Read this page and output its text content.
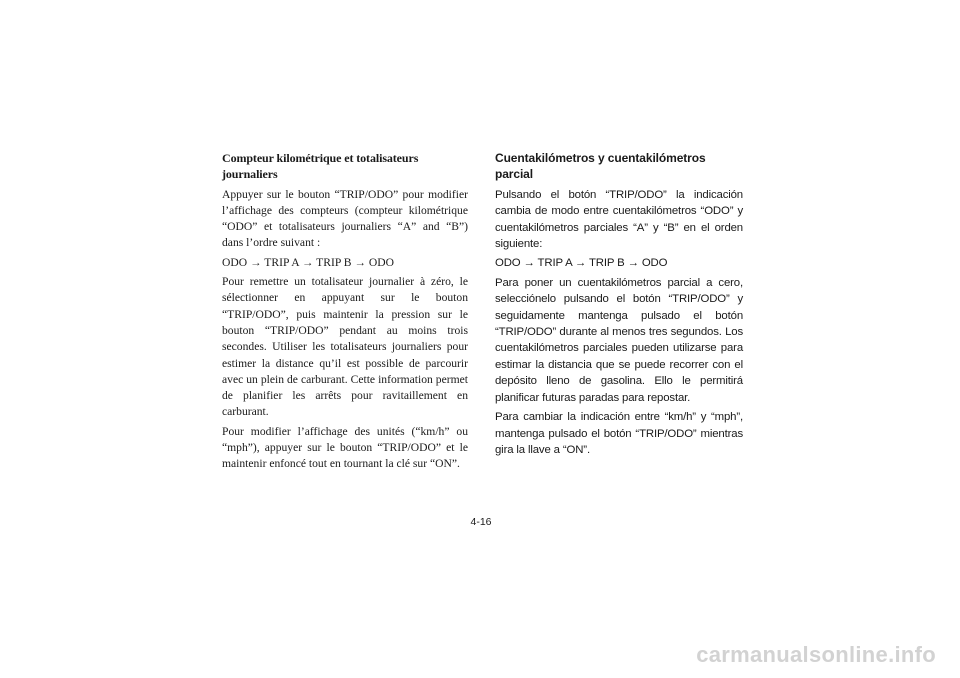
Compteur kilométrique et totalisateurs journaliers

Appuyer sur le bouton “TRIP/ODO” pour modifier l’affichage des compteurs (compteur kilométrique “ODO” et totalisateurs journaliers “A” and “B”) dans l’ordre suivant :

ODO → TRIP A → TRIP B → ODO

Pour remettre un totalisateur journalier à zéro, le sélectionner en appuyant sur le bouton “TRIP/ODO”, puis maintenir la pression sur le bouton “TRIP/ODO” pendant au moins trois secondes. Utiliser les totalisateurs journaliers pour estimer la distance qu’il est possible de parcourir avec un plein de carburant. Cette information permet de planifier les arrêts pour ravitaillement en carburant.

Pour modifier l’affichage des unités (“km/h” ou “mph”), appuyer sur le bouton “TRIP/ODO” et le maintenir enfoncé tout en tournant la clé sur “ON”.

Cuentakilómetros y cuentakilómetros parcial

Pulsando el botón “TRIP/ODO” la indicación cambia de modo entre cuentakilómetros “ODO” y cuentakilómetros parciales “A” y “B” en el orden siguiente:

ODO → TRIP A → TRIP B → ODO

Para poner un cuentakilómetros parcial a cero, selecciónelo pulsando el botón “TRIP/ODO” y seguidamente mantenga pulsado el botón “TRIP/ODO” durante al menos tres segundos. Los cuentakilómetros parciales pueden utilizarse para estimar la distancia que se puede recorrer con el depósito lleno de gasolina. Ello le permitirá planificar futuras paradas para repostar.

Para cambiar la indicación entre “km/h” y “mph”, mantenga pulsado el botón “TRIP/ODO” mientras gira la llave a “ON”.

4-16
carmanualsonline.info
